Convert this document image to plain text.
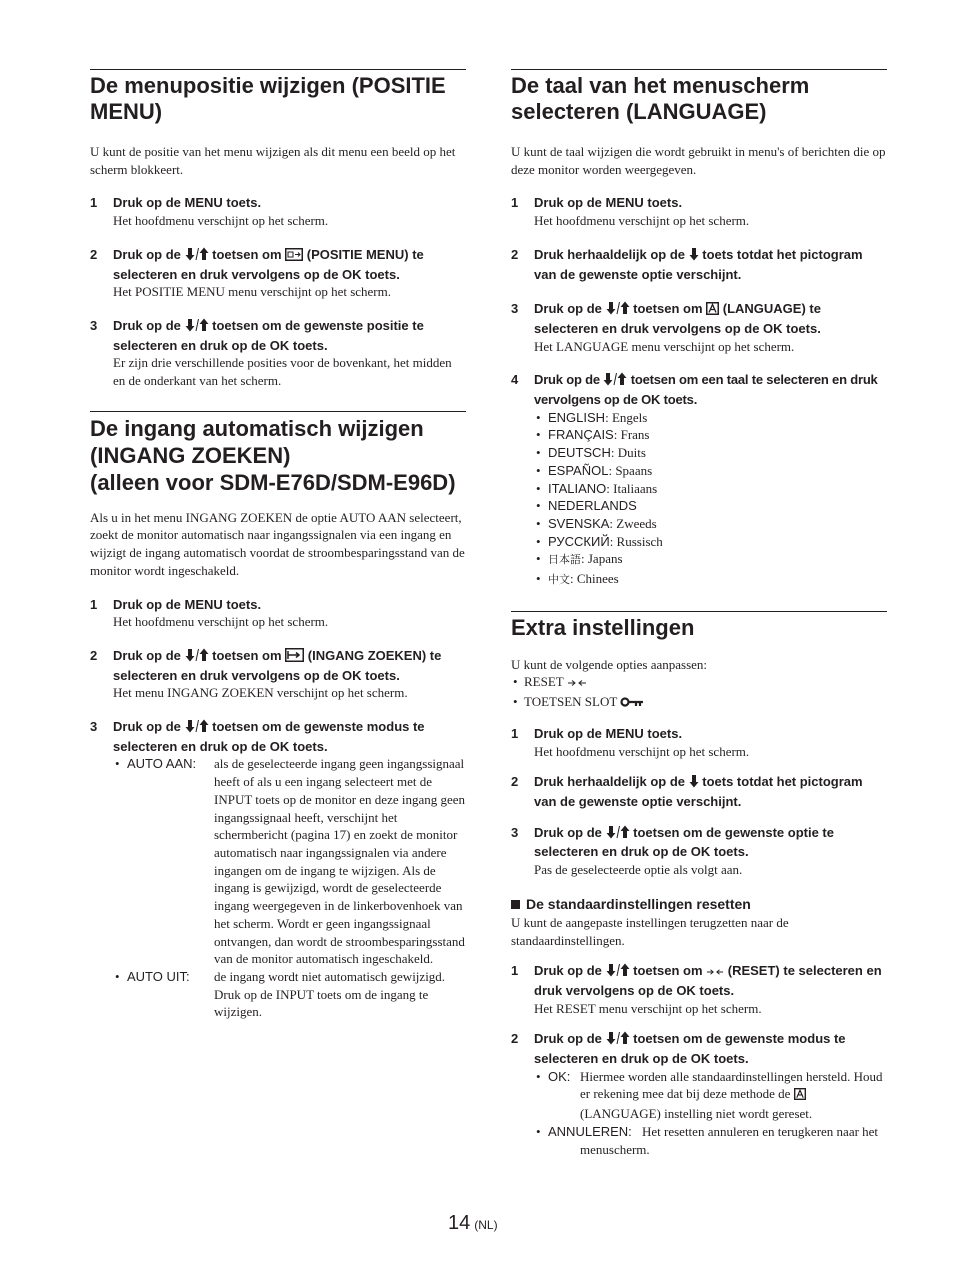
De menupositie wijzigen (POSITIE MENU)

U kunt de positie van het menu wijzigen als dit menu een beeld op het scherm blokkeert.

1 Druk op de MENU toets.
Het hoofdmenu verschijnt op het scherm.
2 Druk op de toetsen om (POSITIE MENU) te selecteren en druk vervolgens op de OK toets.
Het POSITIE MENU menu verschijnt op het scherm.
3 Druk op de toetsen om de gewenste positie te selecteren en druk op de OK toets.
Er zijn drie verschillende posities voor de bovenkant, het midden en de onderkant van het scherm.
De ingang automatisch wijzigen
(INGANG ZOEKEN)
(alleen voor SDM-E76D/SDM-E96D)

Als u in het menu INGANG ZOEKEN de optie AUTO AAN selecteert, zoekt de monitor automatisch naar ingangssignalen via een ingang en wijzigt de ingang automatisch voordat de stroombesparingsstand van de monitor wordt ingeschakeld.

1 Druk op de MENU toets.
Het hoofdmenu verschijnt op het scherm.
2 Druk op de toetsen om (INGANG ZOEKEN) te selecteren en druk vervolgens op de OK toets.
Het menu INGANG ZOEKEN verschijnt op het scherm.
3 Druk op de toetsen om de gewenste modus te selecteren en druk op de OK toets.
• AUTO AAN:	als de geselecteerde ingang geen ingangssignaal heeft of als u een ingang selecteert met de INPUT toets op de monitor en deze ingang geen ingangssignaal heeft, verschijnt het schermbericht (pagina 17) en zoekt de monitor automatisch naar ingangssignalen via andere ingangen om de ingang te wijzigen. Als de ingang is gewijzigd, wordt de geselecteerde ingang weergegeven in de linkerbovenhoek van het scherm. Wordt er geen ingangssignaal ontvangen, dan wordt de stroombesparingsstand van de monitor automatisch ingeschakeld.
• AUTO UIT:	de ingang wordt niet automatisch gewijzigd. Druk op de INPUT toets om de ingang te wijzigen.
De taal van het menuscherm selecteren (LANGUAGE)

U kunt de taal wijzigen die wordt gebruikt in menu's of berichten die op deze monitor worden weergegeven.

1 Druk op de MENU toets.
Het hoofdmenu verschijnt op het scherm.
2 Druk herhaaldelijk op de toets totdat het pictogram van de gewenste optie verschijnt.
3 Druk op de toetsen om (LANGUAGE) te selecteren en druk vervolgens op de OK toets.
Het LANGUAGE menu verschijnt op het scherm.
4 Druk op de toetsen om een taal te selecteren en druk vervolgens op de OK toets.
• ENGLISH: Engels
• FRANÇAIS: Frans
• DEUTSCH: Duits
• ESPAÑOL: Spaans
• ITALIANO: Italiaans
• NEDERLANDS
• SVENSKA: Zweeds
• РУССКИЙ: Russisch
• 日本語: Japans
• 中文: Chinees
Extra instellingen

U kunt de volgende opties aanpassen:

• RESET
• TOETSEN SLOT
1 Druk op de MENU toets.
Het hoofdmenu verschijnt op het scherm.
2 Druk herhaaldelijk op de toets totdat het pictogram van de gewenste optie verschijnt.
3 Druk op de toetsen om de gewenste optie te selecteren en druk op de OK toets.
Pas de geselecteerde optie als volgt aan.
De standaardinstellingen resetten

U kunt de aangepaste instellingen terugzetten naar de standaardinstellingen.

1 Druk op de toetsen om (RESET) te selecteren en druk vervolgens op de OK toets.
Het RESET menu verschijnt op het scherm.
2 Druk op de toetsen om de gewenste modus te selecteren en druk op de OK toets.
• OK: Hiermee worden alle standaardinstellingen hersteld. Houd er rekening mee dat bij deze methode de  (LANGUAGE) instelling niet wordt gereset.
• ANNULEREN: Het resetten annuleren en terugkeren naar het menuscherm.
14 (NL)
